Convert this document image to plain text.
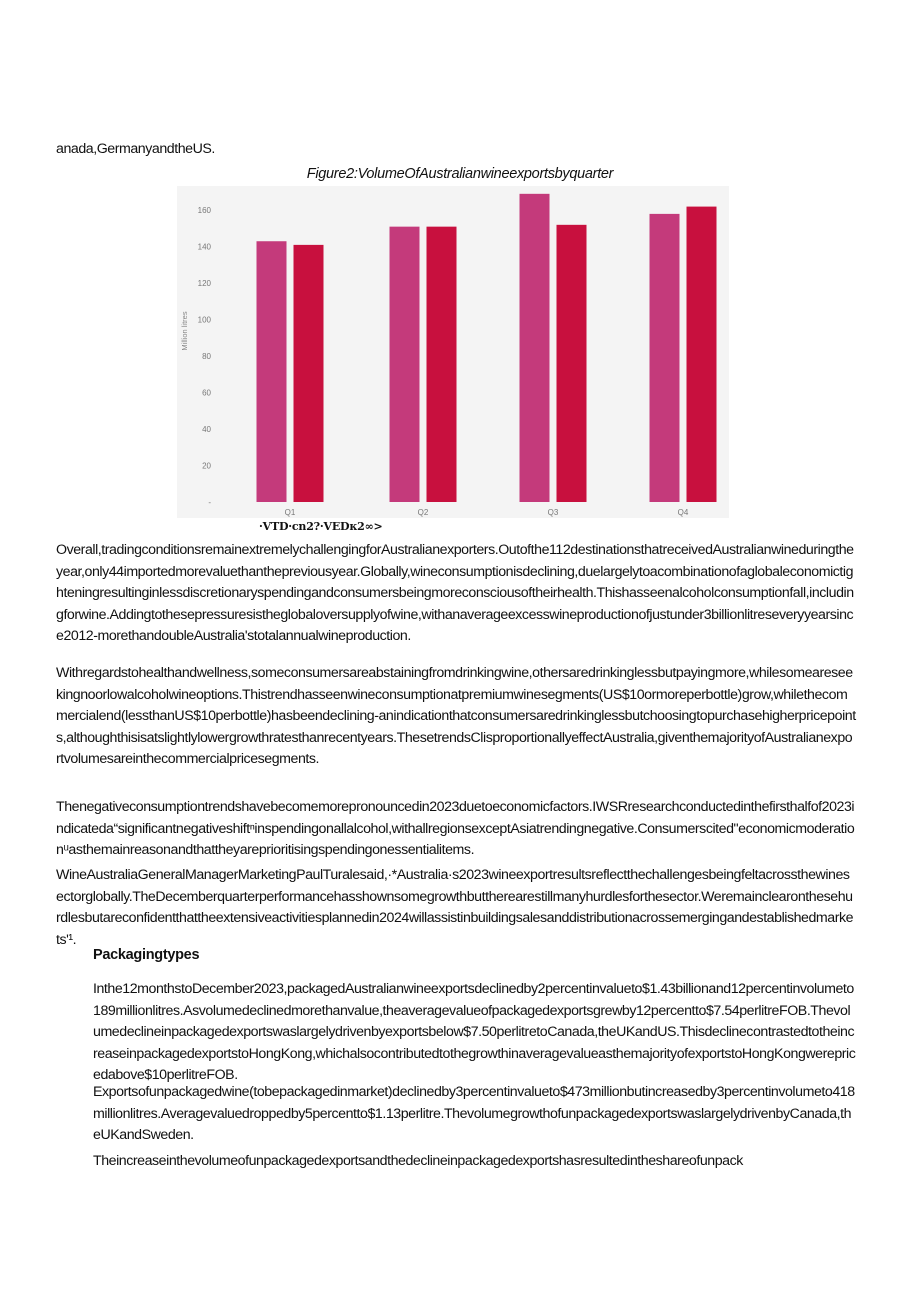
anada,GermanyandtheUS.

Figure2:VolumeOfAustralianwineexportsbyquarter

-
20
40
60
80
100
120
140
160
Million litres
Q1	Q2	Q3	Q4

·VTD·cn2?·VEDк2∞>

Overall,tradingconditionsremainextremelychallengingforAustralianexporters.Outofthe112destinationsthatreceivedAustralianwineduringtheyear,only44importedmorevaluethanthepreviousyear.Globally,wineconsumptionisdeclining,duelargelytoacombinationofaglobaleconomictighteningresultinginlessdiscretionaryspendingandconsumersbeingmoreconsciousoftheirhealth.Thishasseenalcoholconsumptionfall,includingforwine.Addingtothesepressuresistheglobaloversupplyofwine,withanaverageexcesswineproductionofjustunder3billionlitreseveryyearsince2012-morethandoubleAustralia'stotalannualwineproduction.

Withregardstohealthandwellness,someconsumersareabstainingfromdrinkingwine,othersaredrinkinglessbutpayingmore,whilesomeareseekingnoorlowalcoholwineoptions.Thistrendhasseenwineconsumptionatpremiumwinesegments(US$10ormoreperbottle)grow,whilethecommercialend(lessthanUS$10perbottle)hasbeendeclining-anindicationthatconsumersaredrinkinglessbutchoosingtopurchasehigherpricepoints,althoughthisisatslightlylowergrowthratesthanrecentyears.ThesetrendsClisproportionallyeffectAustralia,giventhemajorityofAustralianexportvolumesareinthecommercialpricesegments.

Thenegativeconsumptiontrendshavebecomemorepronouncedin2023duetoeconomicfactors.IWSRresearchconductedinthefirsthalfof2023indicateda“significantnegativeshiftⁿinspendingonallalcohol,withallregionsexceptAsiatrendingnegative.Consumerscited"economicmoderationᵘasthemainreasonandthattheyareprioritisingspendingonessentialitems.

WineAustraliaGeneralManagerMarketingPaulTuralesaid,·*Australia·s2023wineexportresultsreflectthechallengesbeingfeltacrossthewinesectorglobally.TheDecemberquarterperformancehasshownsomegrowthbuttherearestillmanyhurdlesforthesector.Weremainclearonthesehurdlesbutareconfidentthattheextensiveactivitiesplannedin2024willassistinbuildingsalesanddistributionacrossemergingandestablishedmarkets'¹.

Packagingtypes

Inthe12monthstoDecember2023,packagedAustralianwineexportsdeclinedby2percentinvalueto$1.43billionand12percentinvolumeto189millionlitres.Asvolumedeclinedmorethanvalue,theaveragevalueofpackagedexportsgrewby12percentto$7.54perlitreFOB.Thevolumedeclineinpackagedexportswaslargelydrivenbyexportsbelow$7.50perlitretoCanada,theUKandUS.ThisdeclinecontrastedtotheincreaseinpackagedexportstoHongKong,whichalsocontributedtothegrowthinaveragevalueasthemajorityofexportstoHongKongwerepricedabove$10perlitreFOB.

Exportsofunpackagedwine(tobepackagedinmarket)declinedby3percentinvalueto$473millionbutincreasedby3percentinvolumeto418millionlitres.Averagevaluedroppedby5percentto$1.13perlitre.ThevolumegrowthofunpackagedexportswaslargelydrivenbyCanada,theUKandSweden.

Theincreaseinthevolumeofunpackagedexportsandthedeclineinpackagedexportshasresultedintheshareofunpack
